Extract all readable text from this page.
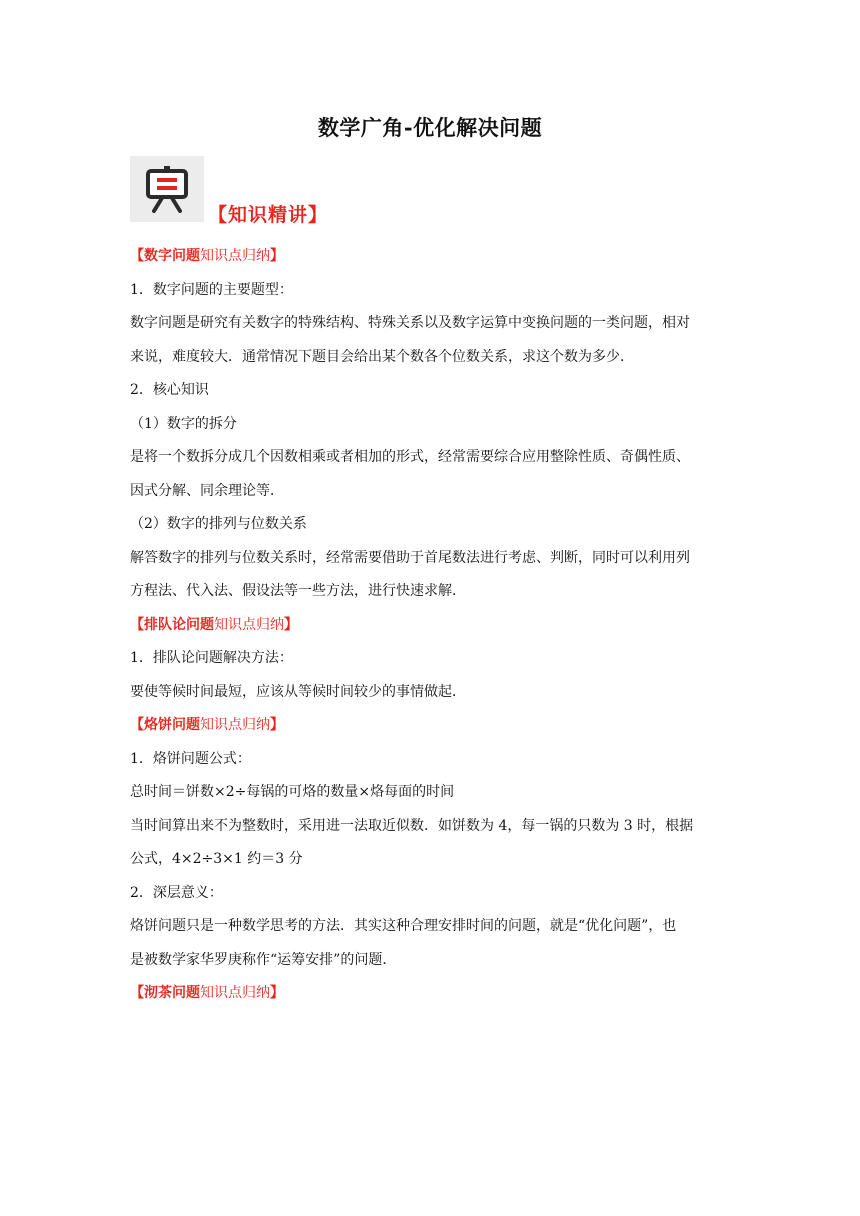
数学广角-优化解决问题
【知识精讲】
【数字问题知识点归纳】
1．数字问题的主要题型：
数字问题是研究有关数字的特殊结构、特殊关系以及数字运算中变换问题的一类问题，相对
来说，难度较大．通常情况下题目会给出某个数各个位数关系，求这个数为多少．
2．核心知识
（1）数字的拆分
是将一个数拆分成几个因数相乘或者相加的形式，经常需要综合应用整除性质、奇偶性质、
因式分解、同余理论等．
（2）数字的排列与位数关系
解答数字的排列与位数关系时，经常需要借助于首尾数法进行考虑、判断，同时可以利用列
方程法、代入法、假设法等一些方法，进行快速求解．
【排队论问题知识点归纳】
1．排队论问题解决方法：
要使等候时间最短，应该从等候时间较少的事情做起．
【烙饼问题知识点归纳】
1．烙饼问题公式：
总时间＝饼数×2÷每锅的可烙的数量×烙每面的时间
当时间算出来不为整数时，采用进一法取近似数．如饼数为 4，每一锅的只数为 3 时，根据
公式，4×2÷3×1 约＝3 分
2．深层意义：
烙饼问题只是一种数学思考的方法．其实这种合理安排时间的问题，就是“优化问题”，也
是被数学家华罗庚称作“运筹安排”的问题．
【沏茶问题知识点归纳】
